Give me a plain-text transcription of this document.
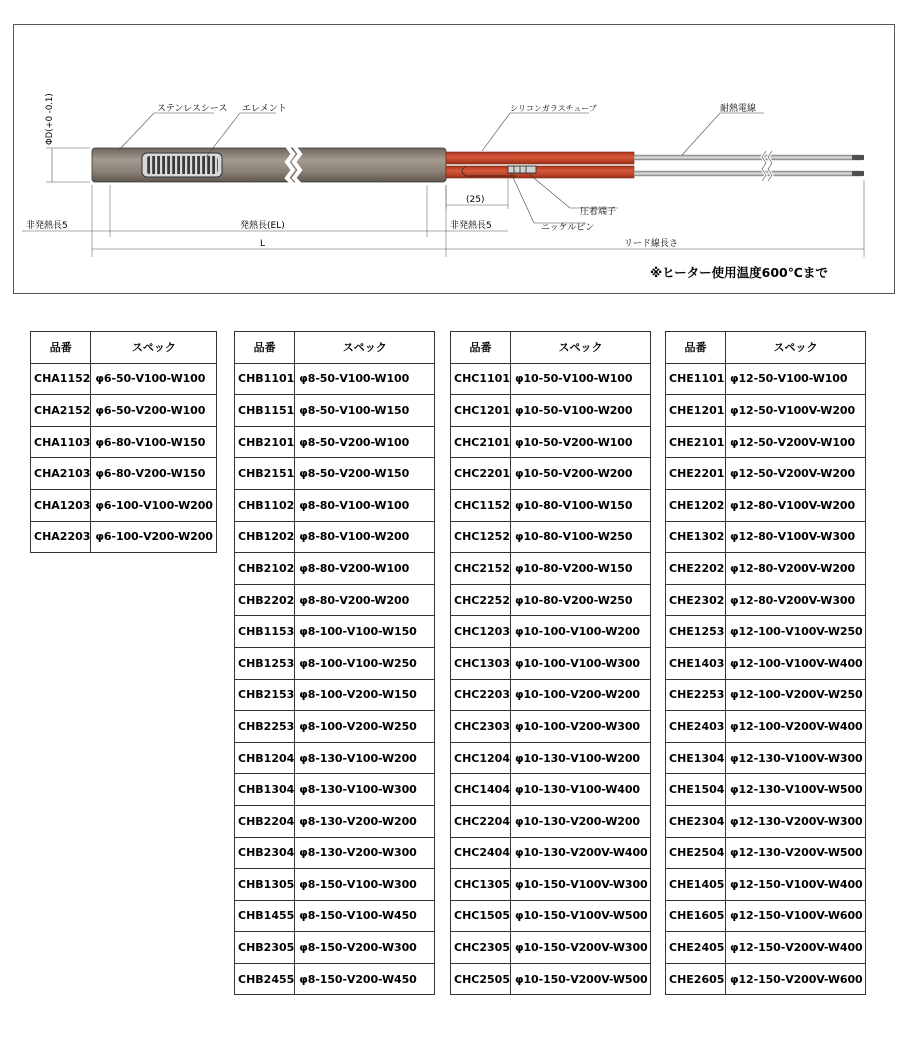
ΦD(+0 -0.1)	ステンレスシース エレメント	シリコンガラスチューブ	耐熱電線
圧着端子
ニッケルピン
(25)
非発熱長5	発熱長(EL)	非発熱長5
L	リード線長さ
※ヒーター使用温度600℃まで
品番	スペック
CHA1152	φ6-50-V100-W100
CHA2152	φ6-50-V200-W100
CHA1103	φ6-80-V100-W150
CHA2103	φ6-80-V200-W150
CHA1203	φ6-100-V100-W200
CHA2203	φ6-100-V200-W200
品番	スペック
CHB1101	φ8-50-V100-W100
CHB1151	φ8-50-V100-W150
CHB2101	φ8-50-V200-W100
CHB2151	φ8-50-V200-W150
CHB1102	φ8-80-V100-W100
CHB1202	φ8-80-V100-W200
CHB2102	φ8-80-V200-W100
CHB2202	φ8-80-V200-W200
CHB1153	φ8-100-V100-W150
CHB1253	φ8-100-V100-W250
CHB2153	φ8-100-V200-W150
CHB2253	φ8-100-V200-W250
CHB1204	φ8-130-V100-W200
CHB1304	φ8-130-V100-W300
CHB2204	φ8-130-V200-W200
CHB2304	φ8-130-V200-W300
CHB1305	φ8-150-V100-W300
CHB1455	φ8-150-V100-W450
CHB2305	φ8-150-V200-W300
CHB2455	φ8-150-V200-W450
品番	スペック
CHC1101	φ10-50-V100-W100
CHC1201	φ10-50-V100-W200
CHC2101	φ10-50-V200-W100
CHC2201	φ10-50-V200-W200
CHC1152	φ10-80-V100-W150
CHC1252	φ10-80-V100-W250
CHC2152	φ10-80-V200-W150
CHC2252	φ10-80-V200-W250
CHC1203	φ10-100-V100-W200
CHC1303	φ10-100-V100-W300
CHC2203	φ10-100-V200-W200
CHC2303	φ10-100-V200-W300
CHC1204	φ10-130-V100-W200
CHC1404	φ10-130-V100-W400
CHC2204	φ10-130-V200-W200
CHC2404	φ10-130-V200V-W400
CHC1305	φ10-150-V100V-W300
CHC1505	φ10-150-V100V-W500
CHC2305	φ10-150-V200V-W300
CHC2505	φ10-150-V200V-W500
品番	スペック
CHE1101	φ12-50-V100-W100
CHE1201	φ12-50-V100V-W200
CHE2101	φ12-50-V200V-W100
CHE2201	φ12-50-V200V-W200
CHE1202	φ12-80-V100V-W200
CHE1302	φ12-80-V100V-W300
CHE2202	φ12-80-V200V-W200
CHE2302	φ12-80-V200V-W300
CHE1253	φ12-100-V100V-W250
CHE1403	φ12-100-V100V-W400
CHE2253	φ12-100-V200V-W250
CHE2403	φ12-100-V200V-W400
CHE1304	φ12-130-V100V-W300
CHE1504	φ12-130-V100V-W500
CHE2304	φ12-130-V200V-W300
CHE2504	φ12-130-V200V-W500
CHE1405	φ12-150-V100V-W400
CHE1605	φ12-150-V100V-W600
CHE2405	φ12-150-V200V-W400
CHE2605	φ12-150-V200V-W600
